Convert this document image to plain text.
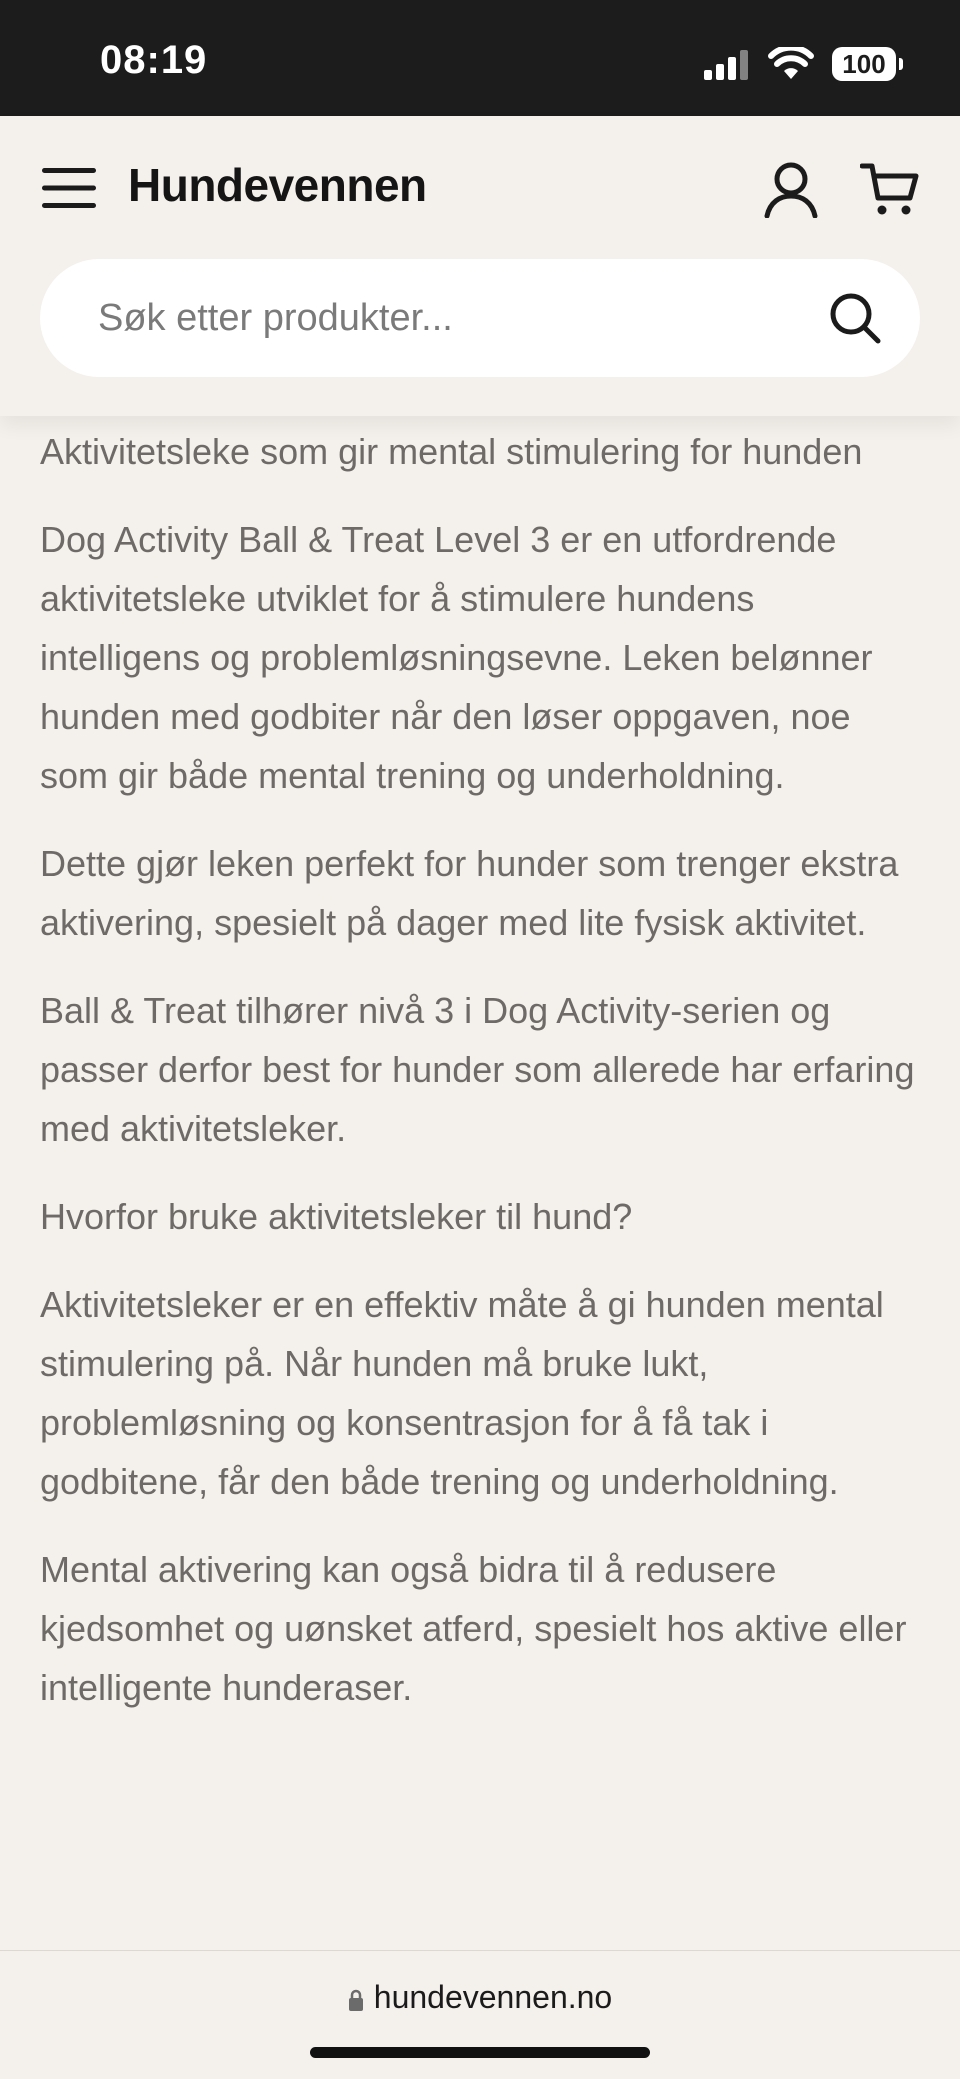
08:19	100
Hundevennen
Søk etter produkter...

Aktivitetsleke som gir mental stimulering for hunden

Dog Activity Ball & Treat Level 3 er en utfordrende aktivitetsleke utviklet for å stimulere hundens intelligens og problemløsningsevne. Leken belønner hunden med godbiter når den løser oppgaven, noe som gir både mental trening og underholdning.

Dette gjør leken perfekt for hunder som trenger ekstra aktivering, spesielt på dager med lite fysisk aktivitet.

Ball & Treat tilhører nivå 3 i Dog Activity-serien og passer derfor best for hunder som allerede har erfaring med aktivitetsleker.

Hvorfor bruke aktivitetsleker til hund?

Aktivitetsleker er en effektiv måte å gi hunden mental stimulering på. Når hunden må bruke lukt, problemløsning og konsentrasjon for å få tak i godbitene, får den både trening og underholdning.

Mental aktivering kan også bidra til å redusere kjedsomhet og uønsket atferd, spesielt hos aktive eller intelligente hunderaser.

hundevennen.no
